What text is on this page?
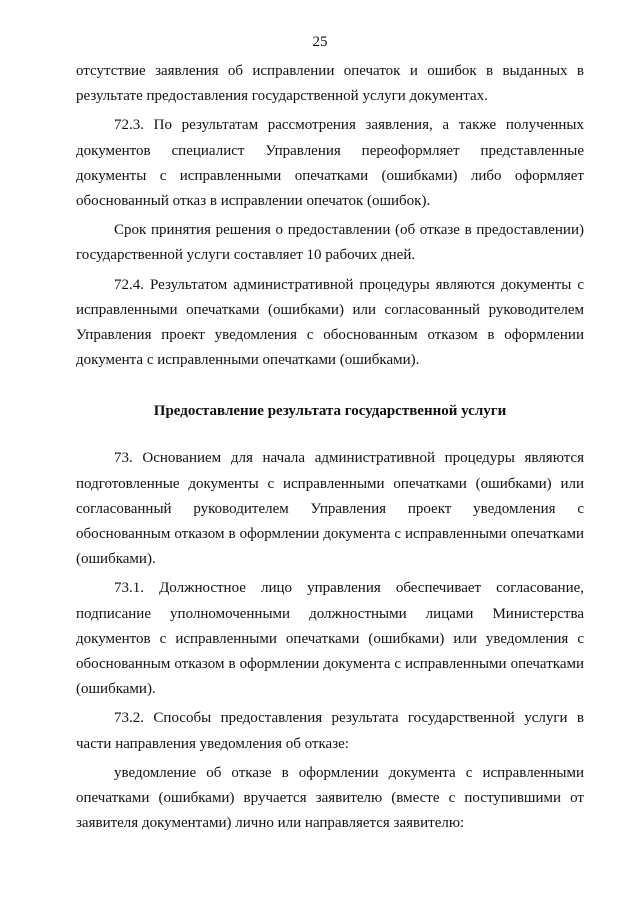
25

отсутствие заявления об исправлении опечаток и ошибок в выданных в результате предоставления государственной услуги документах.

72.3. По результатам рассмотрения заявления, а также полученных документов специалист Управления переоформляет представленные документы с исправленными опечатками (ошибками) либо оформляет обоснованный отказ в исправлении опечаток (ошибок).

Срок принятия решения о предоставлении (об отказе в предоставлении) государственной услуги составляет 10 рабочих дней.

72.4. Результатом административной процедуры являются документы с исправленными опечатками (ошибками) или согласованный руководителем Управления проект уведомления с обоснованным отказом в оформлении документа с исправленными опечатками (ошибками).

Предоставление результата государственной услуги

73. Основанием для начала административной процедуры являются подготовленные документы с исправленными опечатками (ошибками) или согласованный руководителем Управления проект уведомления с обоснованным отказом в оформлении документа с исправленными опечатками (ошибками).

73.1. Должностное лицо управления обеспечивает согласование, подписание уполномоченными должностными лицами Министерства документов с исправленными опечатками (ошибками) или уведомления с обоснованным отказом в оформлении документа с исправленными опечатками (ошибками).

73.2. Способы предоставления результата государственной услуги в части направления уведомления об отказе:

уведомление об отказе в оформлении документа с исправленными опечатками (ошибками) вручается заявителю (вместе с поступившими от заявителя документами) лично или направляется заявителю:
